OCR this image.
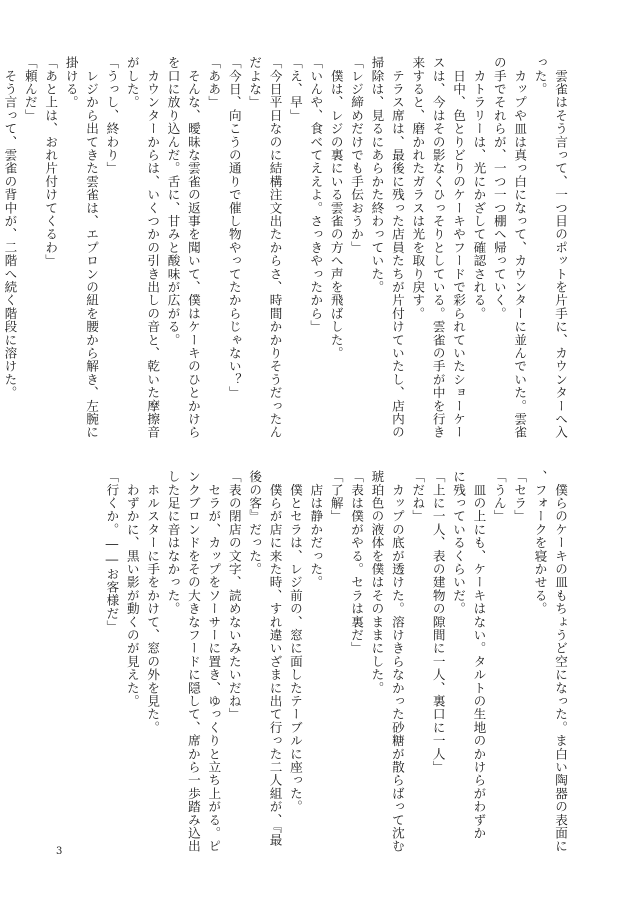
　雲雀はそう言って、一つ目のポットを片手に、カウンターへ入
った。
　カップや皿は真っ白になって、カウンターに並んでいた。雲雀
の手でそれらが、一つ一つ棚へ帰っていく。
　カトラリーは、光にかざして確認される。
　日中、色とりどりのケーキやフードで彩られていたショーケー
スは、今はその影なくひっそりとしている。雲雀の手が中を行き
来すると、磨かれたガラスは光を取り戻す。
　テラス席は、最後に残った店員たちが片付けていたし、店内の
掃除は、見るにあらかた終わっていた。
「レジ締めだけでも手伝おうか」
　僕は、レジの裏にいる雲雀の方へ声を飛ばした。
「いんや、食べてええよ。さっきやったから」
「え、早」
「今日平日なのに結構注文出たからさ、時間かかりそうだったん
だよな」
「今日、向こうの通りで催し物やってたからじゃない？」
「ああ」
　そんな、曖昧な雲雀の返事を聞いて、僕はケーキのひとかけら
を口に放り込んだ。舌に、甘みと酸味が広がる。
　カウンターからは、いくつかの引き出しの音と、乾いた摩擦音
がした。
「うっし、終わり」
　レジから出てきた雲雀は、エプロンの紐を腰から解き、左腕に
掛ける。
「あと上は、おれ片付けてくるわ」
「頼んだ」
　そう言って、雲雀の背中が、二階へ続く階段に溶けた。
　僕らのケーキの皿もちょうど空になった。ま白い陶器の表面に
、フォークを寝かせる。
「セラ」
「うん」
　皿の上にも、ケーキはない。タルトの生地のかけらがわずか
に残っているくらいだ。
「上に一人、表の建物の隙間に一人、裏口に一人」
「だね」
　カップの底が透けた。溶けきらなかった砂糖が散らばって沈む
琥珀色の液体を僕はそのままにした。
「表は僕がやる。セラは裏だ」
「了解」
　店は静かだった。
　僕とセラは、レジ前の、窓に面したテーブルに座った。
　僕らが店に来た時、すれ違いざまに出て行った二人組が、『最
後の客』だった。
「表の閉店の文字、読めないみたいだね」
　セラが、カップをソーサーに置き、ゆっくりと立ち上がる。ピ
ンクブロンドをその大きなフードに隠して、席から一歩踏み込出
した足に音はなかった。
　ホルスターに手をかけて、窓の外を見た。
　わずかに、黒い影が動くのが見えた。
「行くか。――お客様だ」
3
